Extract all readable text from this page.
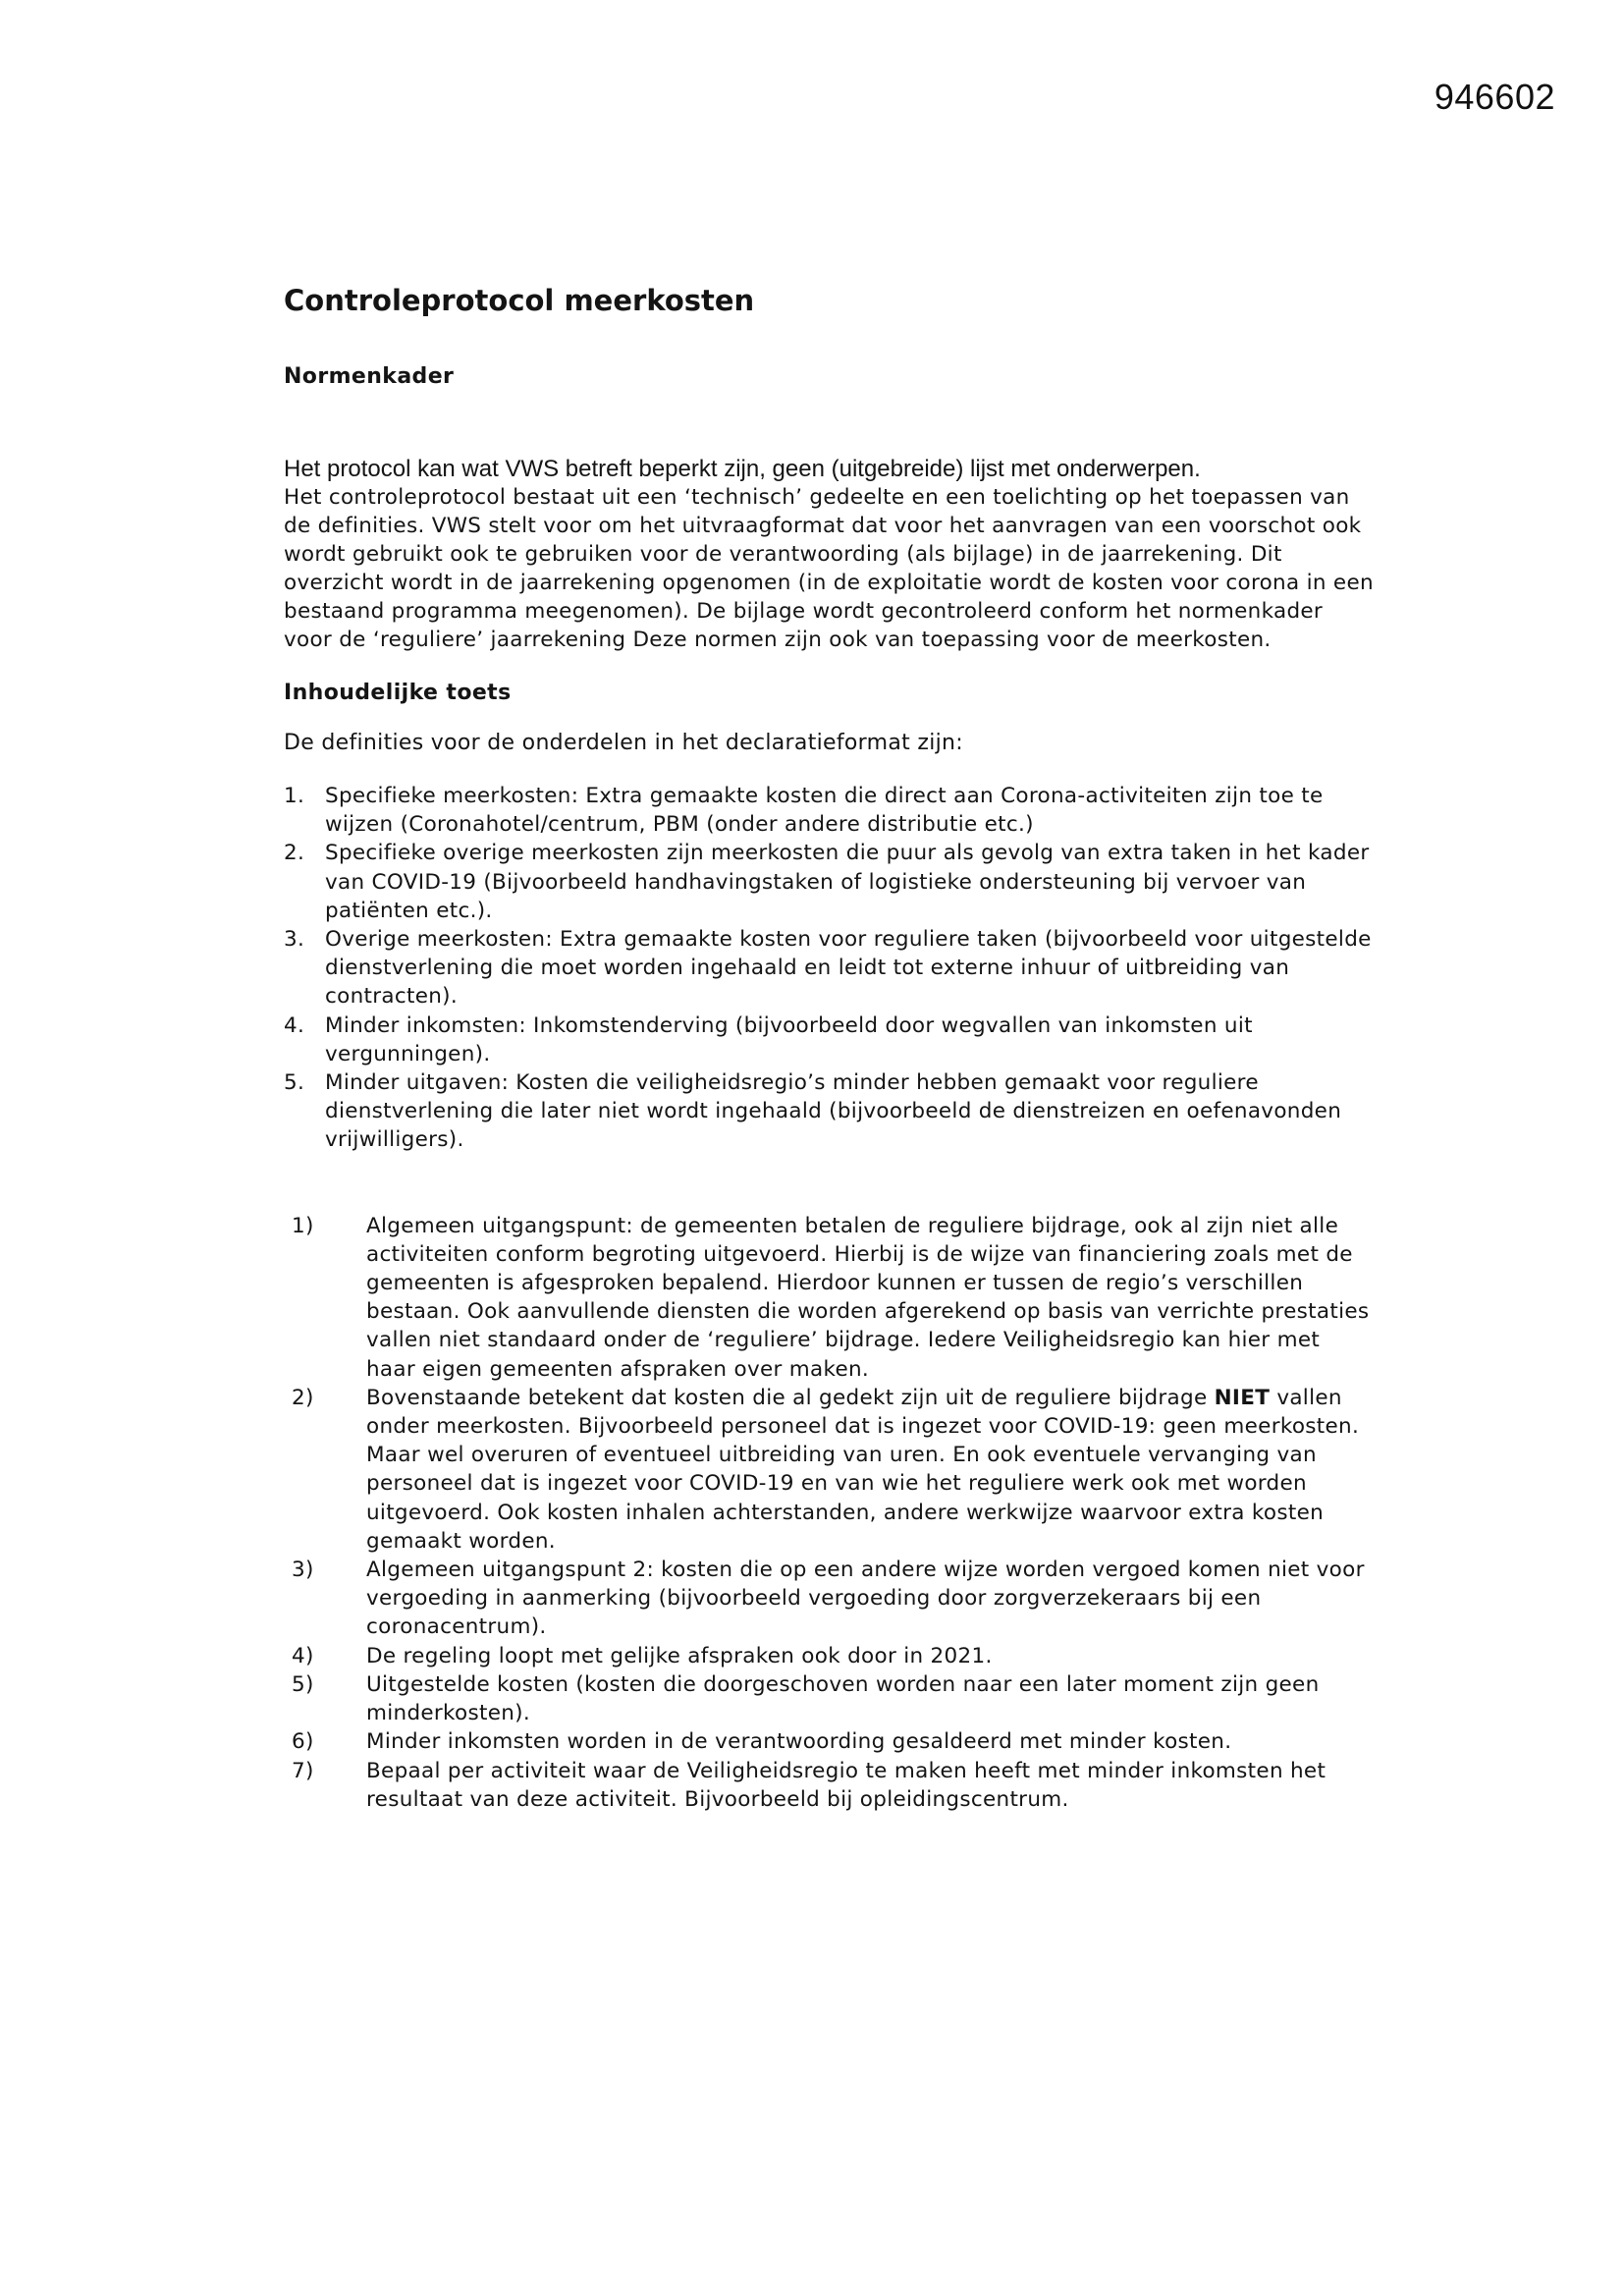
946602
Controleprotocol meerkosten
Normenkader

Het protocol kan wat VWS betreft beperkt zijn, geen (uitgebreide) lijst met onderwerpen.
Het controleprotocol bestaat uit een ‘technisch’ gedeelte en een toelichting op het toepassen van de definities. VWS stelt voor om het uitvraagformat dat voor het aanvragen van een voorschot ook wordt gebruikt ook te gebruiken voor de verantwoording (als bijlage) in de jaarrekening. Dit overzicht wordt in de jaarrekening opgenomen (in de exploitatie wordt de kosten voor corona in een bestaand programma meegenomen). De bijlage wordt gecontroleerd conform het normenkader voor de ‘reguliere’ jaarrekening Deze normen zijn ook van toepassing voor de meerkosten.

Inhoudelijke toets

De definities voor de onderdelen in het declaratieformat zijn:

1. Specifieke meerkosten: Extra gemaakte kosten die direct aan Corona-activiteiten zijn toe te wijzen (Coronahotel/centrum, PBM (onder andere distributie etc.)
2. Specifieke overige meerkosten zijn meerkosten die puur als gevolg van extra taken in het kader van COVID-19 (Bijvoorbeeld handhavingstaken of logistieke ondersteuning bij vervoer van patiënten etc.).
3. Overige meerkosten: Extra gemaakte kosten voor reguliere taken (bijvoorbeeld voor uitgestelde dienstverlening die moet worden ingehaald en leidt tot externe inhuur of uitbreiding van contracten).
4. Minder inkomsten: Inkomstenderving (bijvoorbeeld door wegvallen van inkomsten uit vergunningen).
5. Minder uitgaven: Kosten die veiligheidsregio’s minder hebben gemaakt voor reguliere dienstverlening die later niet wordt ingehaald (bijvoorbeeld de dienstreizen en oefenavonden vrijwilligers).
1) Algemeen uitgangspunt: de gemeenten betalen de reguliere bijdrage, ook al zijn niet alle activiteiten conform begroting uitgevoerd. Hierbij is de wijze van financiering zoals met de gemeenten is afgesproken bepalend. Hierdoor kunnen er tussen de regio’s verschillen bestaan. Ook aanvullende diensten die worden afgerekend op basis van verrichte prestaties vallen niet standaard onder de ‘reguliere’ bijdrage. Iedere Veiligheidsregio kan hier met haar eigen gemeenten afspraken over maken.
2) Bovenstaande betekent dat kosten die al gedekt zijn uit de reguliere bijdrage NIET vallen onder meerkosten. Bijvoorbeeld personeel dat is ingezet voor COVID-19: geen meerkosten. Maar wel overuren of eventueel uitbreiding van uren. En ook eventuele vervanging van personeel dat is ingezet voor COVID-19 en van wie het reguliere werk ook met worden uitgevoerd. Ook kosten inhalen achterstanden, andere werkwijze waarvoor extra kosten gemaakt worden.
3) Algemeen uitgangspunt 2: kosten die op een andere wijze worden vergoed komen niet voor vergoeding in aanmerking (bijvoorbeeld vergoeding door zorgverzekeraars bij een coronacentrum).
4) De regeling loopt met gelijke afspraken ook door in 2021.
5) Uitgestelde kosten (kosten die doorgeschoven worden naar een later moment zijn geen minderkosten).
6) Minder inkomsten worden in de verantwoording gesaldeerd met minder kosten.
7) Bepaal per activiteit waar de Veiligheidsregio te maken heeft met minder inkomsten het resultaat van deze activiteit. Bijvoorbeeld bij opleidingscentrum.
